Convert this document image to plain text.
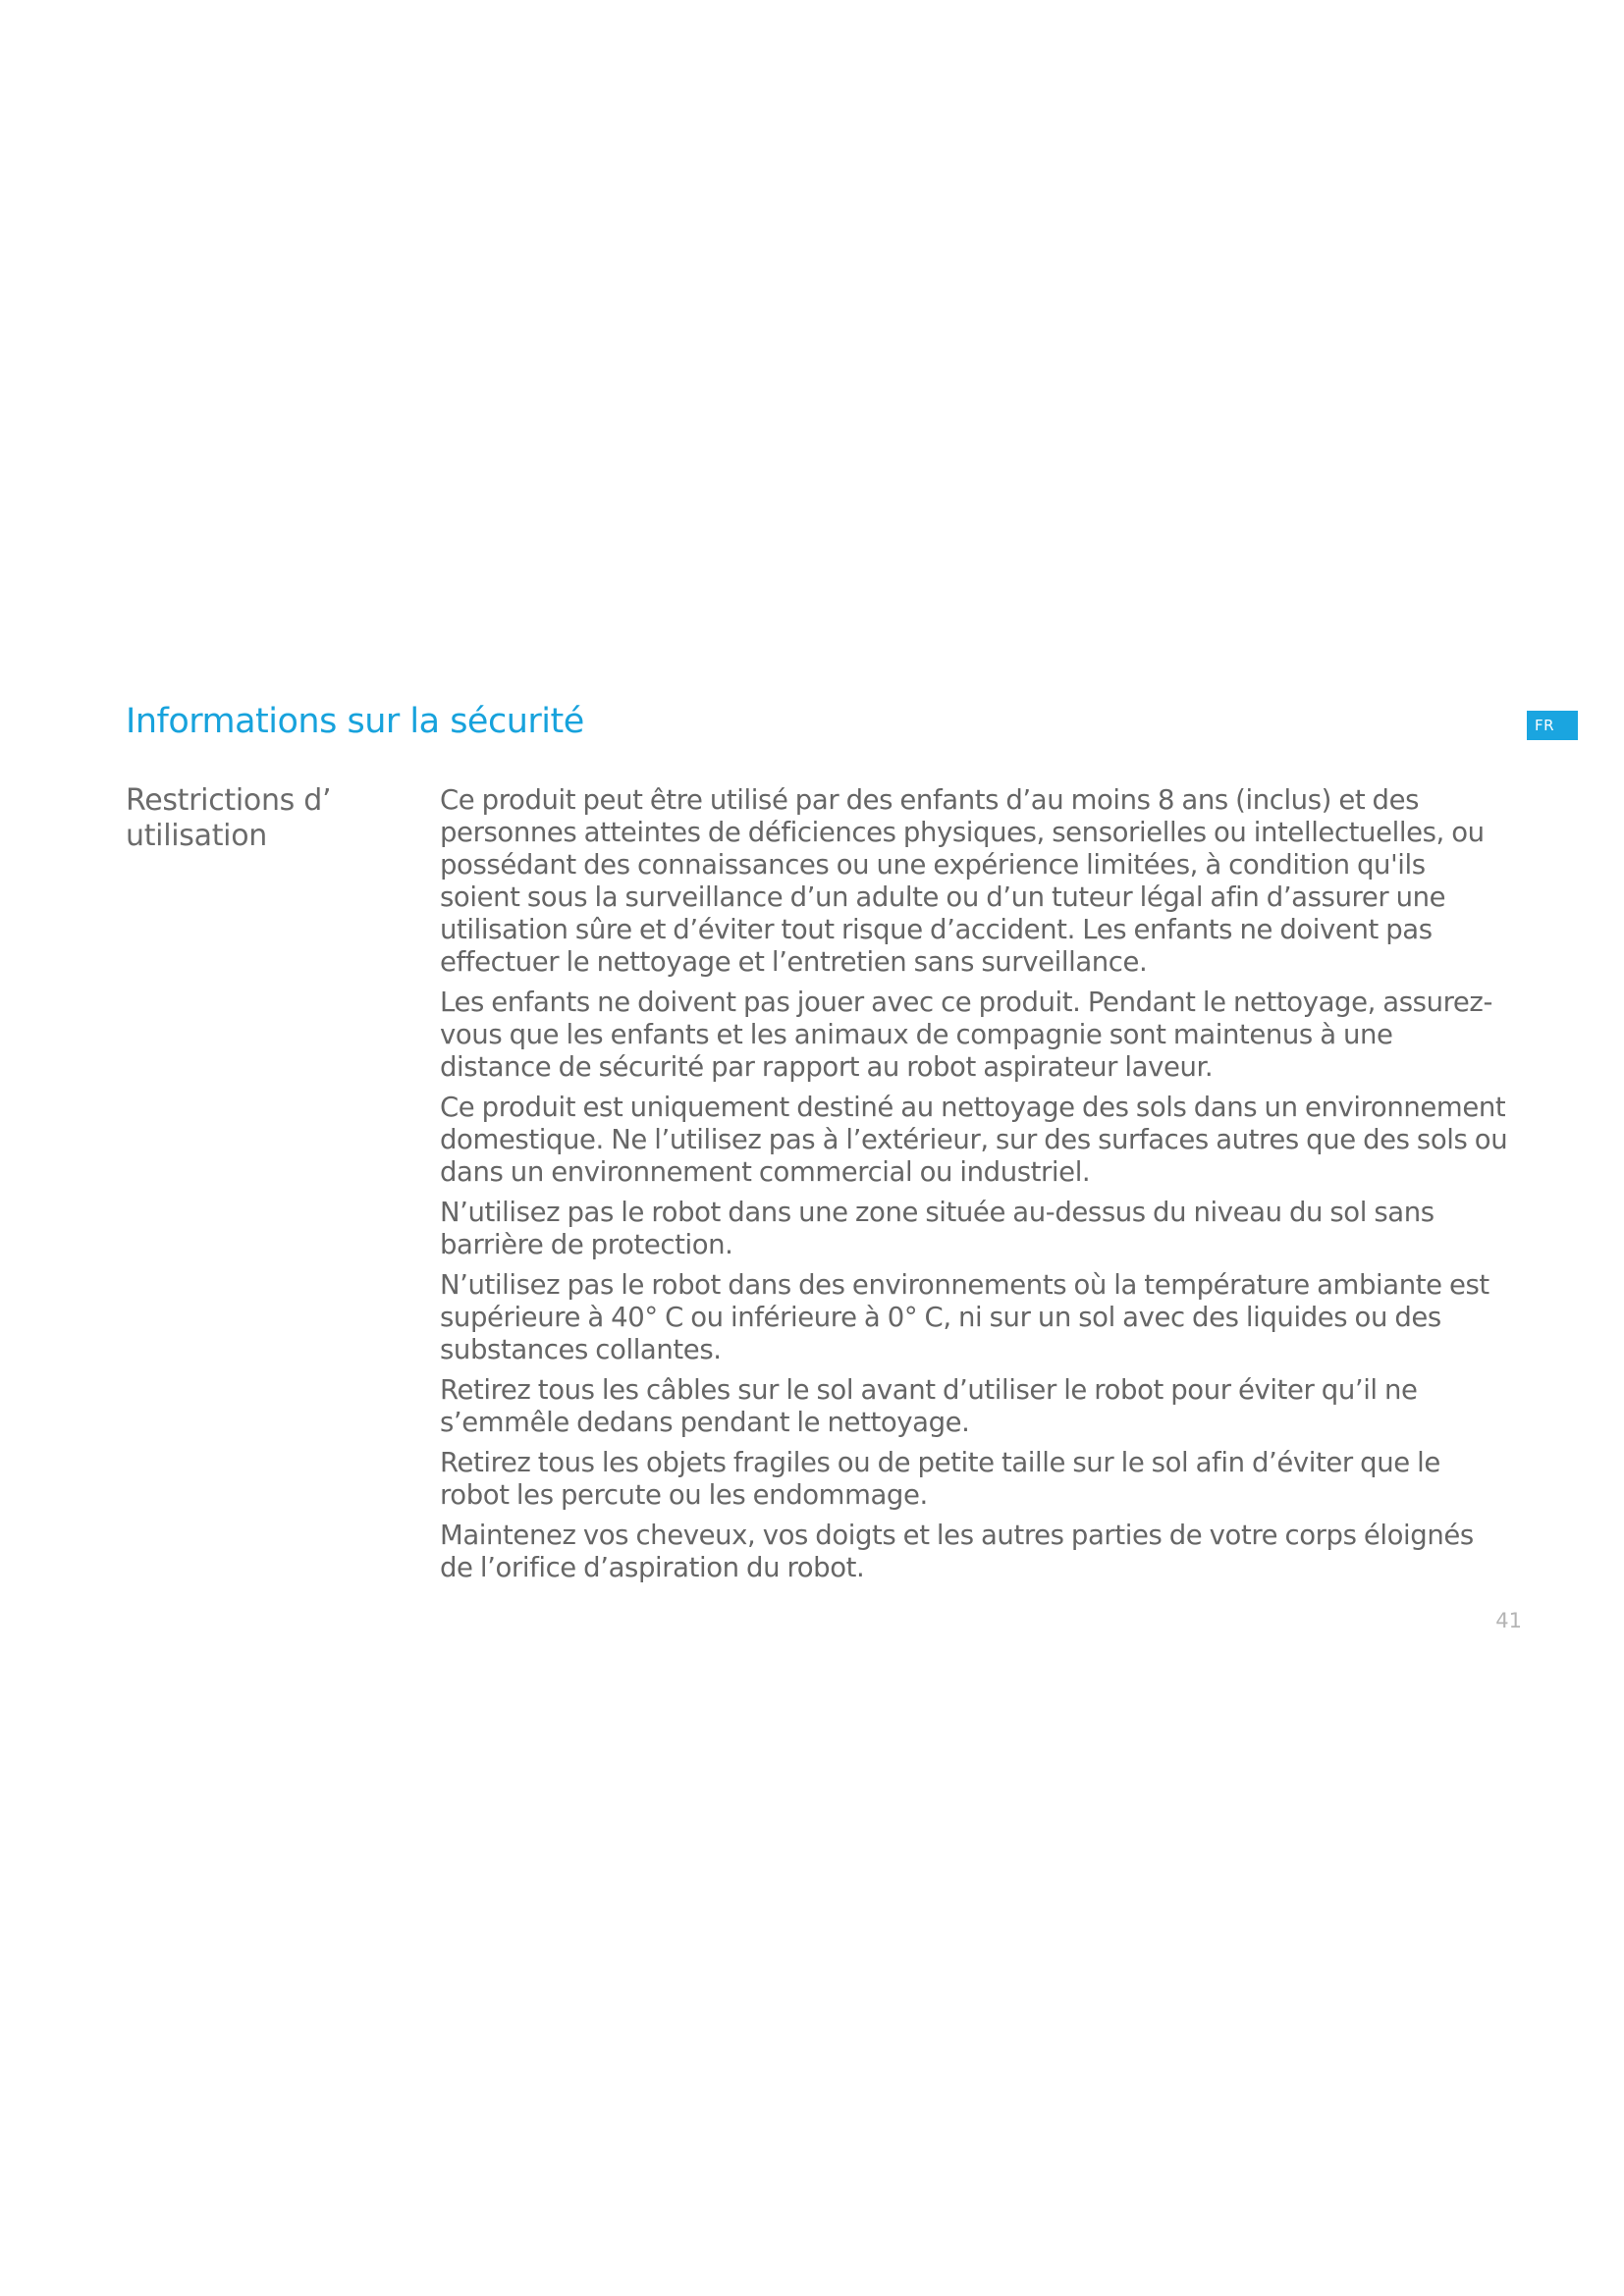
Informations sur la sécurité	FR
Restrictions d’ utilisation

Ce produit peut être utilisé par des enfants d’au moins 8 ans (inclus) et des personnes atteintes de déficiences physiques, sensorielles ou intellectuelles, ou possédant des connaissances ou une expérience limitées, à condition qu'ils soient sous la surveillance d’un adulte ou d’un tuteur légal afin d’assurer une utilisation sûre et d’éviter tout risque d’accident. Les enfants ne doivent pas effectuer le nettoyage et l’entretien sans surveillance.

Les enfants ne doivent pas jouer avec ce produit. Pendant le nettoyage, assurez-vous que les enfants et les animaux de compagnie sont maintenus à une distance de sécurité par rapport au robot aspirateur laveur.

Ce produit est uniquement destiné au nettoyage des sols dans un environnement domestique. Ne l’utilisez pas à l’extérieur, sur des surfaces autres que des sols ou dans un environnement commercial ou industriel.

N’utilisez pas le robot dans une zone située au-dessus du niveau du sol sans barrière de protection.

N’utilisez pas le robot dans des environnements où la température ambiante est supérieure à 40° C ou inférieure à 0° C, ni sur un sol avec des liquides ou des substances collantes.

Retirez tous les câbles sur le sol avant d’utiliser le robot pour éviter qu’il ne s’emmêle dedans pendant le nettoyage.

Retirez tous les objets fragiles ou de petite taille sur le sol afin d’éviter que le robot les percute ou les endommage.

Maintenez vos cheveux, vos doigts et les autres parties de votre corps éloignés de l’orifice d’aspiration du robot.

41
